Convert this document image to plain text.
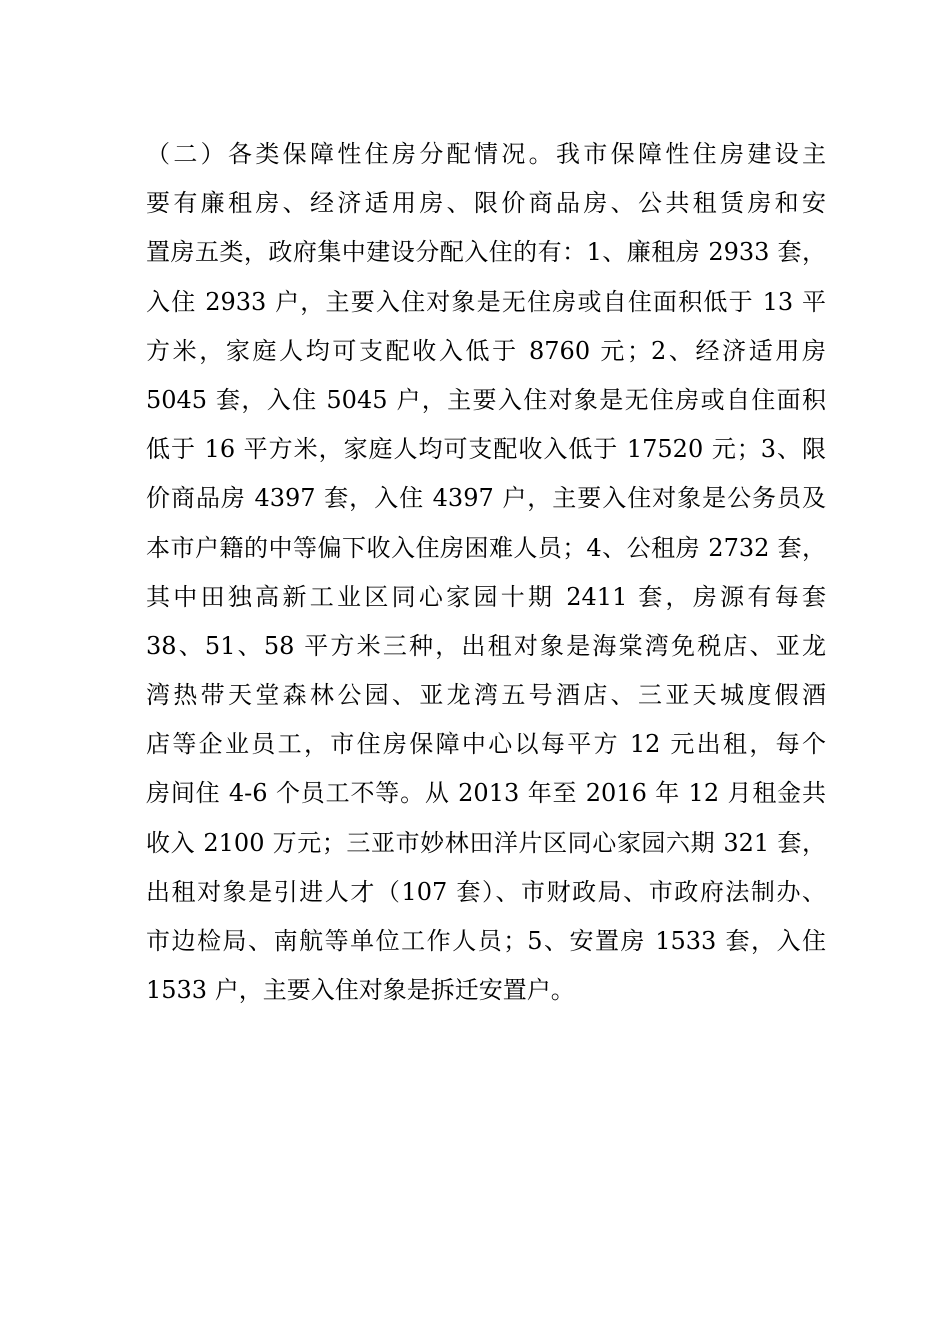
（二）各类保障性住房分配情况。我市保障性住房建设主
要有廉租房、经济适用房、限价商品房、公共租赁房和安
置房五类，政府集中建设分配入住的有：1、廉租房 2933 套，
入住 2933 户，主要入住对象是无住房或自住面积低于 13 平
方米，家庭人均可支配收入低于 8760 元；2、经济适用房
5045 套，入住 5045 户，主要入住对象是无住房或自住面积
低于 16 平方米，家庭人均可支配收入低于 17520 元；3、限
价商品房 4397 套，入住 4397 户，主要入住对象是公务员及
本市户籍的中等偏下收入住房困难人员；4、公租房 2732 套，
其中田独高新工业区同心家园十期 2411 套，房源有每套
38、51、58 平方米三种，出租对象是海棠湾免税店、亚龙
湾热带天堂森林公园、亚龙湾五号酒店、三亚天城度假酒
店等企业员工，市住房保障中心以每平方 12 元出租，每个
房间住 4-6 个员工不等。从 2013 年至 2016 年 12 月租金共
收入 2100 万元；三亚市妙林田洋片区同心家园六期 321 套，
出租对象是引进人才（107 套）、市财政局、市政府法制办、
市边检局、南航等单位工作人员；5、安置房 1533 套，入住
1533 户，主要入住对象是拆迁安置户。
